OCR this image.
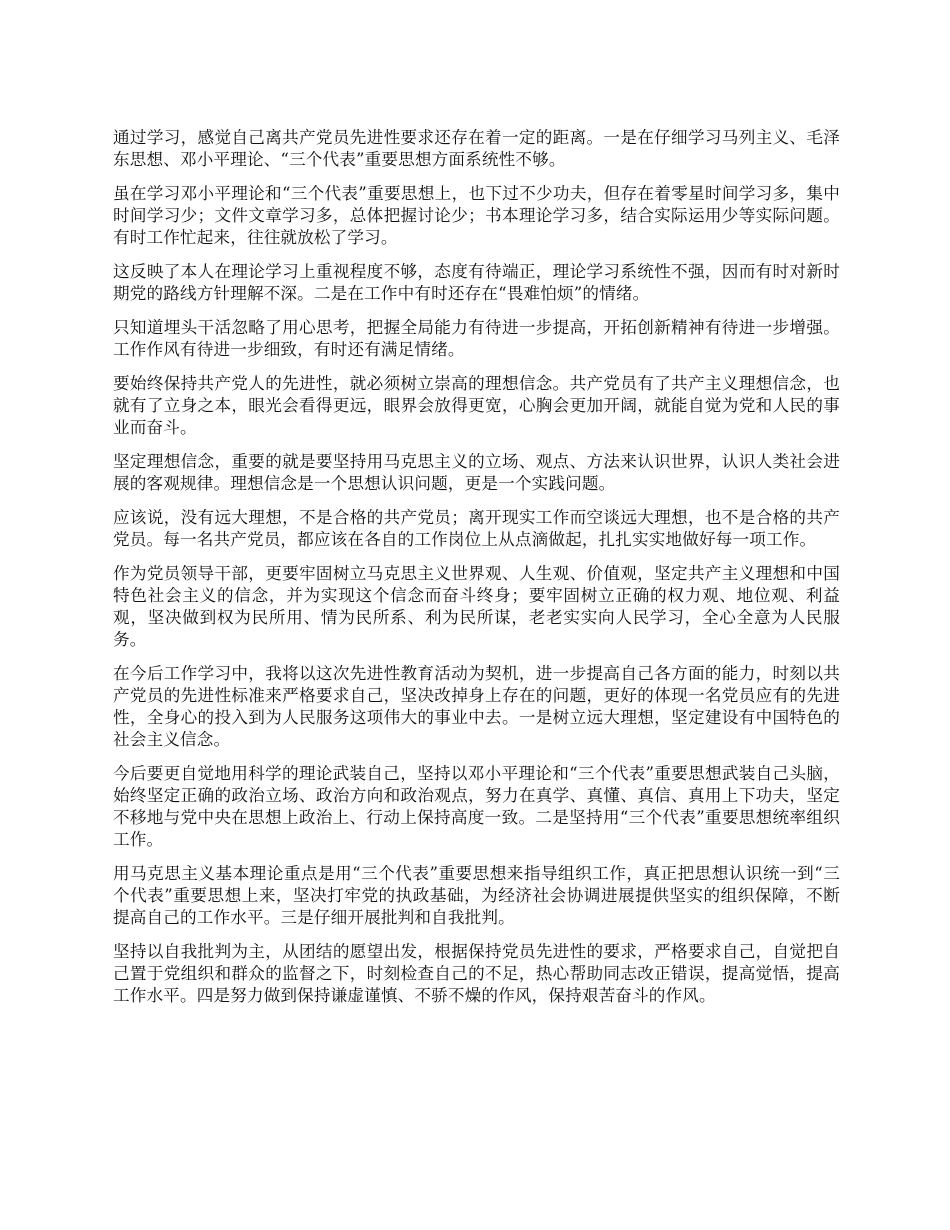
通过学习，感觉自己离共产党员先进性要求还存在着一定的距离。一是在仔细学习马列主义、毛泽东思想、邓小平理论、“三个代表”重要思想方面系统性不够。

虽在学习邓小平理论和“三个代表”重要思想上，也下过不少功夫，但存在着零星时间学习多，集中时间学习少；文件文章学习多，总体把握讨论少；书本理论学习多，结合实际运用少等实际问题。有时工作忙起来，往往就放松了学习。

这反映了本人在理论学习上重视程度不够，态度有待端正，理论学习系统性不强，因而有时对新时期党的路线方针理解不深。二是在工作中有时还存在“畏难怕烦”的情绪。

只知道埋头干活忽略了用心思考，把握全局能力有待进一步提高，开拓创新精神有待进一步增强。工作作风有待进一步细致，有时还有满足情绪。

要始终保持共产党人的先进性，就必须树立崇高的理想信念。共产党员有了共产主义理想信念，也就有了立身之本，眼光会看得更远，眼界会放得更宽，心胸会更加开阔，就能自觉为党和人民的事业而奋斗。

坚定理想信念，重要的就是要坚持用马克思主义的立场、观点、方法来认识世界，认识人类社会进展的客观规律。理想信念是一个思想认识问题，更是一个实践问题。

应该说，没有远大理想，不是合格的共产党员；离开现实工作而空谈远大理想，也不是合格的共产党员。每一名共产党员，都应该在各自的工作岗位上从点滴做起，扎扎实实地做好每一项工作。

作为党员领导干部，更要牢固树立马克思主义世界观、人生观、价值观，坚定共产主义理想和中国特色社会主义的信念，并为实现这个信念而奋斗终身；要牢固树立正确的权力观、地位观、利益观，坚决做到权为民所用、情为民所系、利为民所谋，老老实实向人民学习，全心全意为人民服务。

在今后工作学习中，我将以这次先进性教育活动为契机，进一步提高自己各方面的能力，时刻以共产党员的先进性标准来严格要求自己，坚决改掉身上存在的问题，更好的体现一名党员应有的先进性，全身心的投入到为人民服务这项伟大的事业中去。一是树立远大理想，坚定建设有中国特色的社会主义信念。

今后要更自觉地用科学的理论武装自己，坚持以邓小平理论和“三个代表”重要思想武装自己头脑，始终坚定正确的政治立场、政治方向和政治观点，努力在真学、真懂、真信、真用上下功夫，坚定不移地与党中央在思想上政治上、行动上保持高度一致。二是坚持用“三个代表”重要思想统率组织工作。

用马克思主义基本理论重点是用“三个代表”重要思想来指导组织工作，真正把思想认识统一到“三个代表”重要思想上来，坚决打牢党的执政基础，为经济社会协调进展提供坚实的组织保障，不断提高自己的工作水平。三是仔细开展批判和自我批判。

坚持以自我批判为主，从团结的愿望出发，根据保持党员先进性的要求，严格要求自己，自觉把自己置于党组织和群众的监督之下，时刻检查自己的不足，热心帮助同志改正错误，提高觉悟，提高工作水平。四是努力做到保持谦虚谨慎、不骄不燥的作风，保持艰苦奋斗的作风。
